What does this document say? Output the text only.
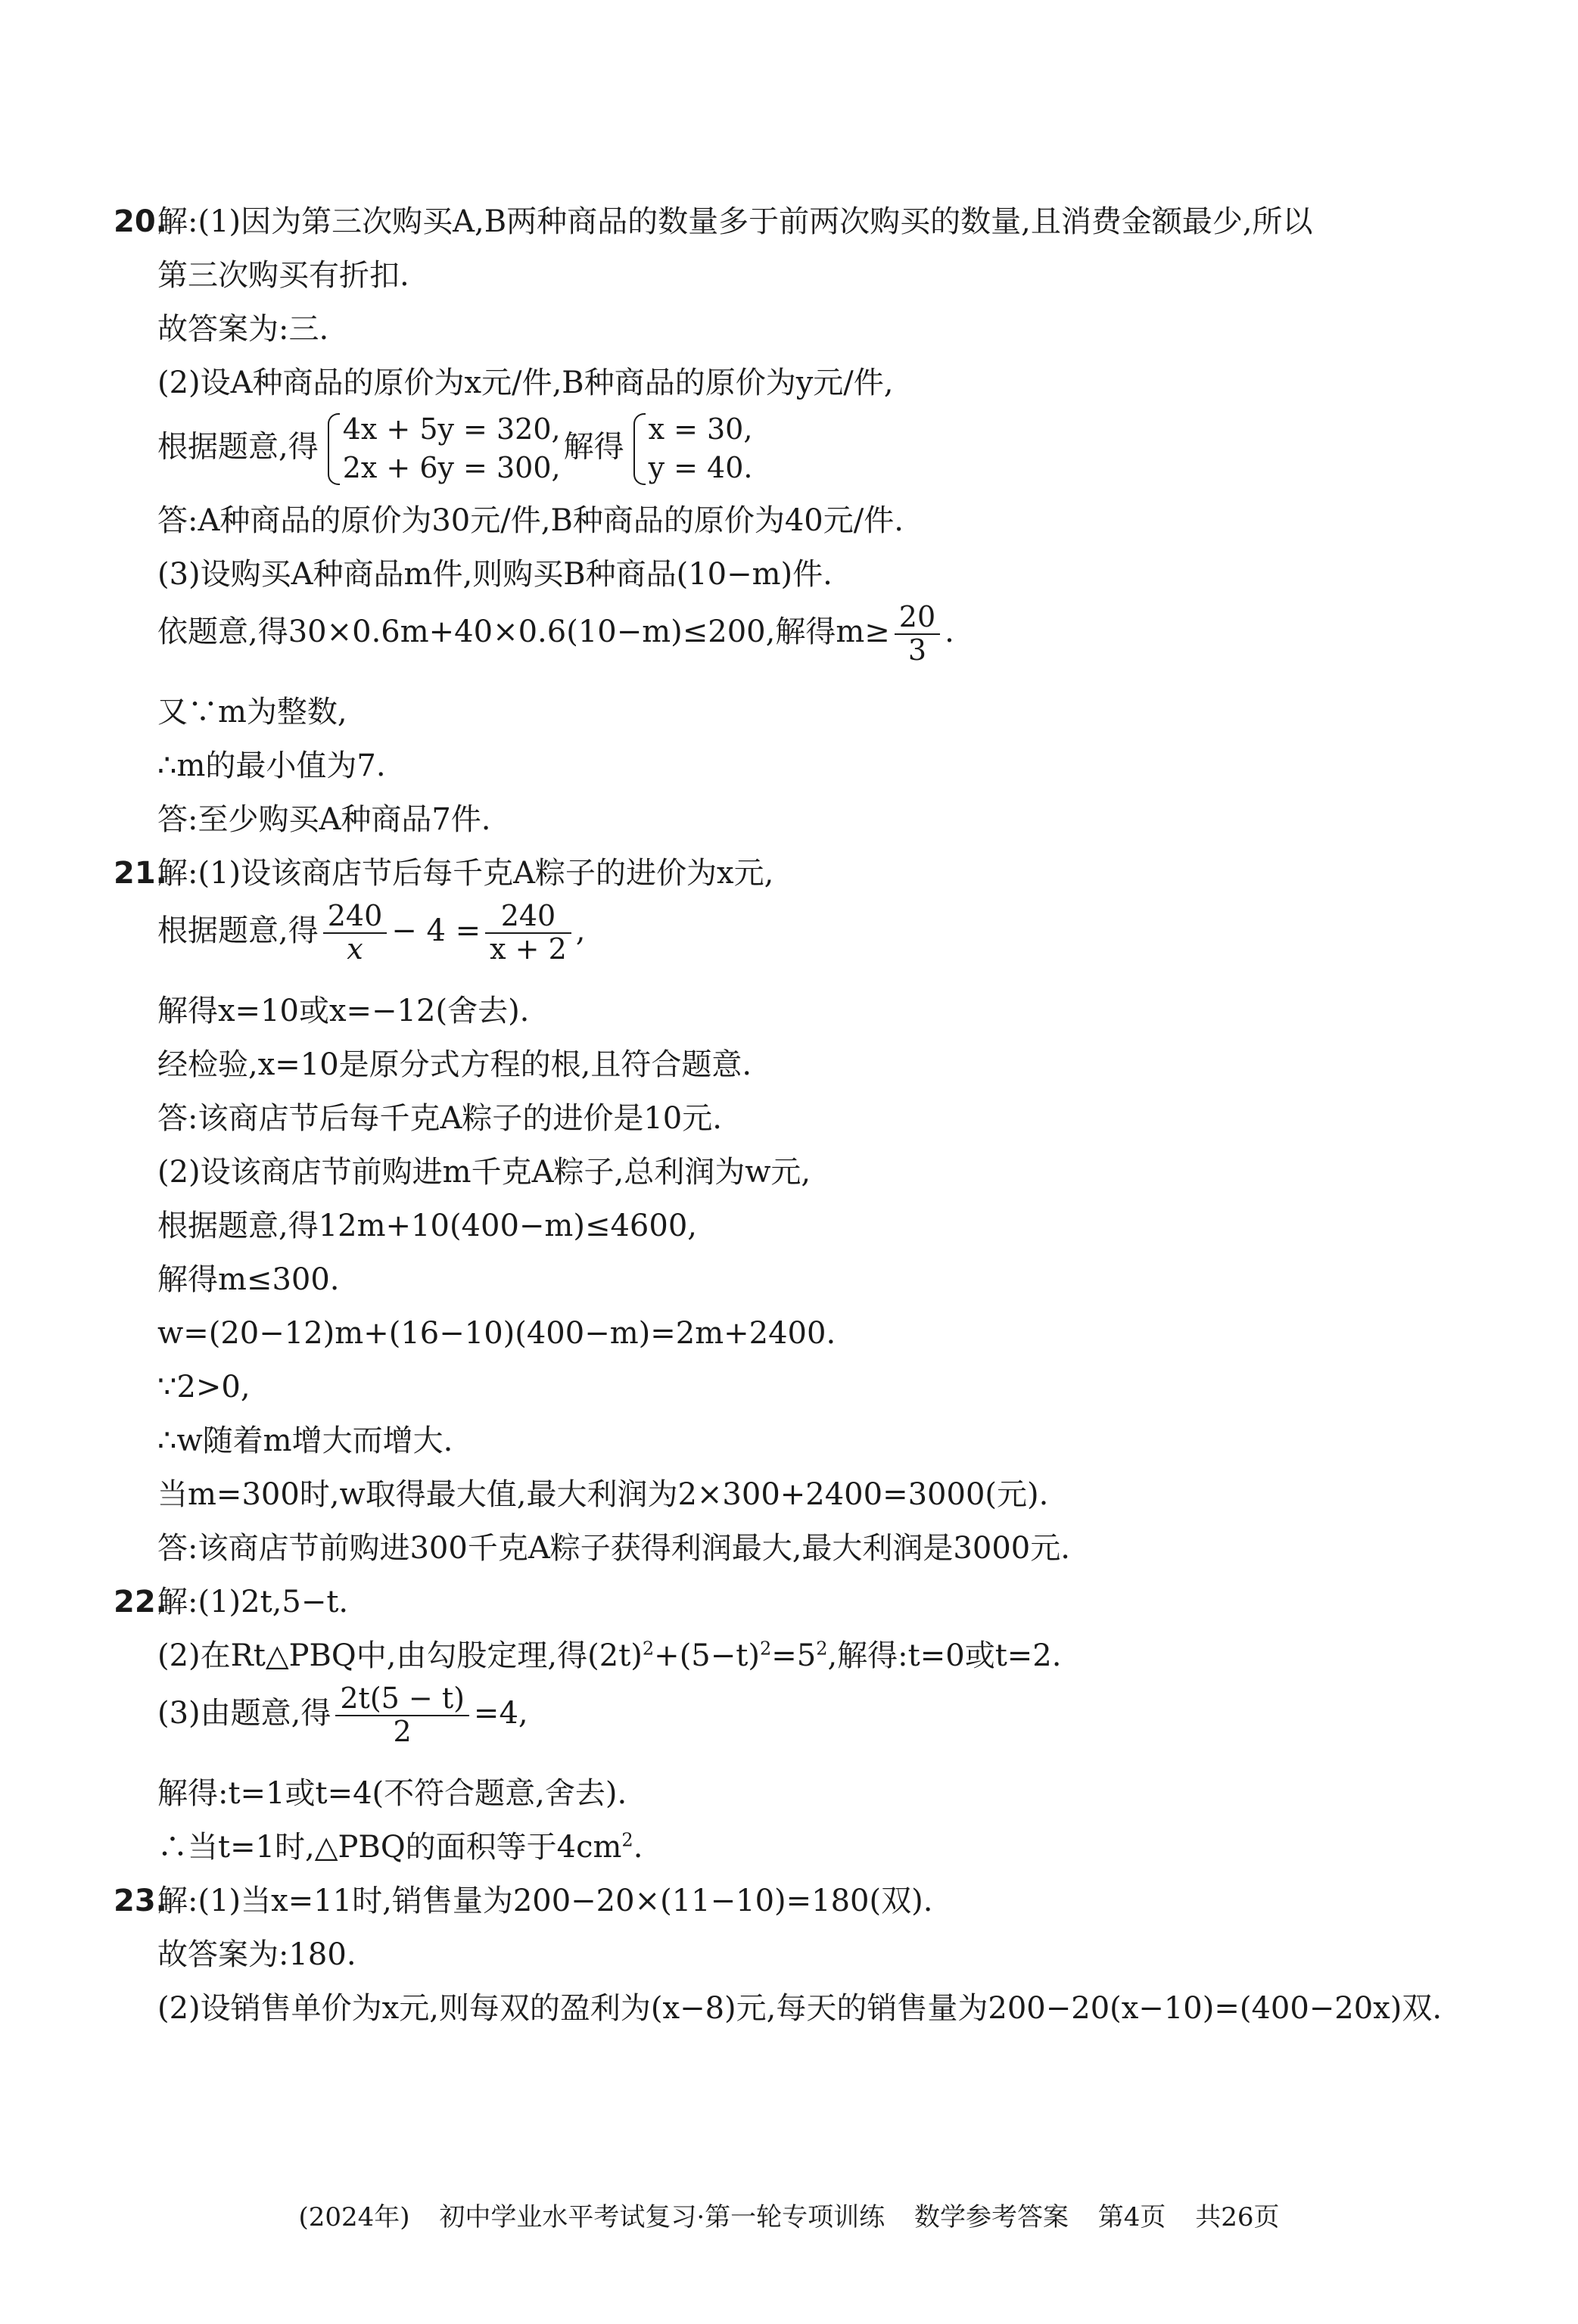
20.
解:(1)因为第三次购买A,B两种商品的数量多于前两次购买的数量,且消费金额最少,所以
第三次购买有折扣.
故答案为:三.
(2)设A种商品的原价为x元/件,B种商品的原价为y元/件,
根据题意,得
4x + 5y = 320,
2x + 6y = 300,
解得
x = 30,
y = 40.
答:A种商品的原价为30元/件,B种商品的原价为40元/件.
(3)设购买A种商品m件,则购买B种商品(10−m)件.
依题意,得30×0.6m+40×0.6(10−m)≤200,解得$m\ge \frac{20}{3}$ .
又∵m为整数,
∴m的最小值为7.
答:至少购买A种商品7件.
21.
解:(1)设该商店节后每千克A粽子的进价为x元,
根据题意,得 $\frac{240}{x} - 4 = \frac{240}{x + 2}$ ,
解得x=10或x=−12(舍去).
经检验,x=10是原分式方程的根,且符合题意.
答:该商店节后每千克A粽子的进价是10元.
(2)设该商店节前购进m千克A粽子,总利润为w元,
根据题意,得12m+10(400−m)≤4600,
解得m≤300.
w=(20−12)m+(16−10)(400−m)=2m+2400.
∵2>0,
∴w随着m增大而增大.
当m=300时,w取得最大值,最大利润为2×300+2400=3000(元).
答:该商店节前购进300千克A粽子获得利润最大,最大利润是3000元.
22.
解:(1)2t,5−t.
(2)在Rt△PBQ中,由勾股定理,得$(2t)^2+(5-t)^2=5^2$,解得:t=0或t=2.
(3)由题意,得 $\frac{2t(5 - t)}{2} =4$,
解得:t=1或t=4(不符合题意,舍去).
∴当t=1时,△PBQ的面积等于$4cm^2$.
23.
解:(1)当x=11时,销售量为200−20×(11−10)=180(双).
故答案为:180.
(2)设销售单价为x元,则每双的盈利为(x−8)元,每天的销售量为200−20(x−10)=(400−20x)双.
(2024年) 初中学业水平考试复习·第一轮专项训练 数学参考答案 第4页 共26页
